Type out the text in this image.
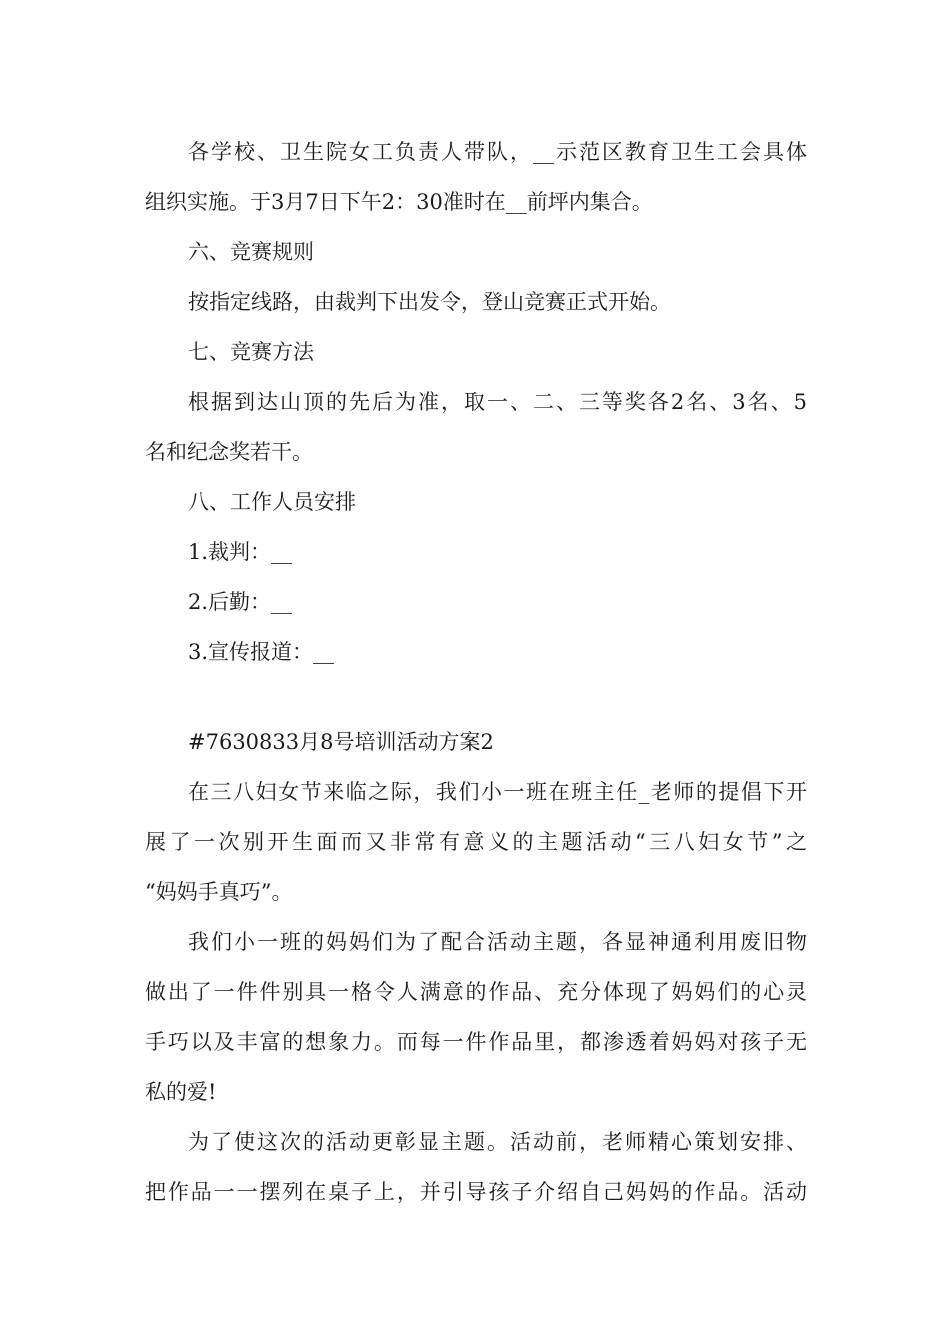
各学校、卫生院女工负责人带队，__示范区教育卫生工会具体
组织实施。于3月7日下午2：30准时在__前坪内集合。
六、竞赛规则
按指定线路，由裁判下出发令，登山竞赛正式开始。
七、竞赛方法
根据到达山顶的先后为准，取一、二、三等奖各2名、3名、5
名和纪念奖若干。
八、工作人员安排
1.裁判：__
2.后勤：__
3.宣传报道：__
#7630833月8号培训活动方案2
在三八妇女节来临之际，我们小一班在班主任_老师的提倡下开
展了一次别开生面而又非常有意义的主题活动“三八妇女节”之
“妈妈手真巧”。
我们小一班的妈妈们为了配合活动主题，各显神通利用废旧物
做出了一件件别具一格令人满意的作品、充分体现了妈妈们的心灵
手巧以及丰富的想象力。而每一件作品里，都渗透着妈妈对孩子无
私的爱!
为了使这次的活动更彰显主题。活动前，老师精心策划安排、
把作品一一摆列在桌子上，并引导孩子介绍自己妈妈的作品。活动
